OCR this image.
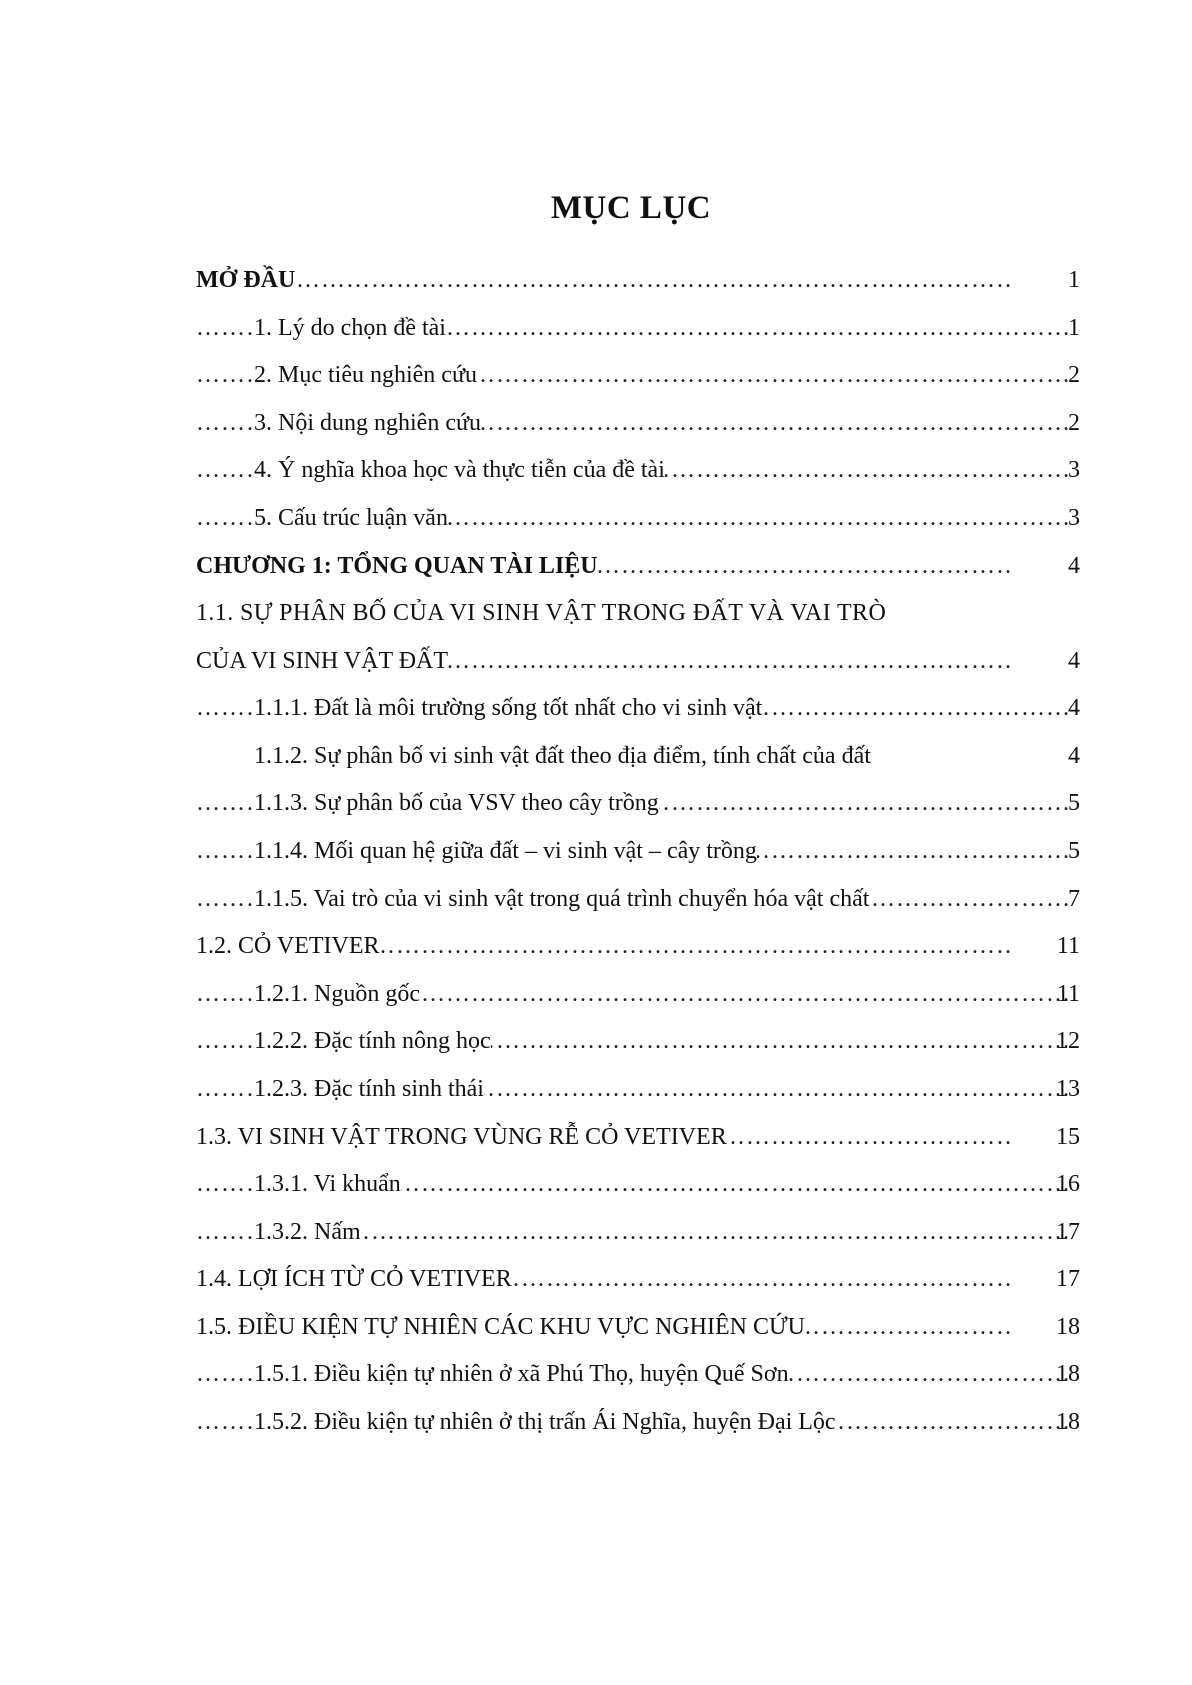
MỤC LỤC
……………………………………………………………………………………………………………………………………………………
MỞ ĐẦU	1
……………………………………………………………………………………………………………………………………………………
1. Lý do chọn đề tài	1
……………………………………………………………………………………………………………………………………………………
2. Mục tiêu nghiên cứu	2
……………………………………………………………………………………………………………………………………………………
3. Nội dung nghiên cứu	2
……………………………………………………………………………………………………………………………………………………
4. Ý nghĩa khoa học và thực tiễn của đề tài	3
……………………………………………………………………………………………………………………………………………………
5. Cấu trúc luận văn	3
……………………………………………………………………………………………………………………………………………………
CHƯƠNG 1: TỔNG QUAN TÀI LIỆU	4
1.1. SỰ PHÂN BỐ CỦA VI SINH VẬT TRONG ĐẤT VÀ VAI TRÒ
……………………………………………………………………………………………………………………………………………………
CỦA VI SINH VẬT ĐẤT	4
……………………………………………………………………………………………………………………………………………………
1.1.1. Đất là môi trường sống tốt nhất cho vi sinh vật	4
1.1.2. Sự phân bố vi sinh vật đất theo địa điểm, tính chất của đất	4
……………………………………………………………………………………………………………………………………………………
1.1.3. Sự phân bố của VSV theo cây trồng	5
……………………………………………………………………………………………………………………………………………………
1.1.4. Mối quan hệ giữa đất – vi sinh vật – cây trồng	5
……………………………………………………………………………………………………………………………………………………
1.1.5. Vai trò của vi sinh vật trong quá trình chuyển hóa vật chất	7
……………………………………………………………………………………………………………………………………………………
1.2. CỎ VETIVER	11
……………………………………………………………………………………………………………………………………………………
1.2.1. Nguồn gốc	11
……………………………………………………………………………………………………………………………………………………
1.2.2. Đặc tính nông học	12
……………………………………………………………………………………………………………………………………………………
1.2.3. Đặc tính sinh thái	13
……………………………………………………………………………………………………………………………………………………
1.3. VI SINH VẬT TRONG VÙNG RỄ CỎ VETIVER	15
……………………………………………………………………………………………………………………………………………………
1.3.1. Vi khuẩn	16
……………………………………………………………………………………………………………………………………………………
1.3.2. Nấm	17
……………………………………………………………………………………………………………………………………………………
1.4. LỢI ÍCH TỪ CỎ VETIVER	17
……………………………………………………………………………………………………………………………………………………
1.5. ĐIỀU KIỆN TỰ NHIÊN CÁC KHU VỰC NGHIÊN CỨU	18
……………………………………………………………………………………………………………………………………………………
1.5.1. Điều kiện tự nhiên ở xã Phú Thọ, huyện Quế Sơn	18
……………………………………………………………………………………………………………………………………………………
1.5.2. Điều kiện tự nhiên ở thị trấn Ái Nghĩa, huyện Đại Lộc	18
